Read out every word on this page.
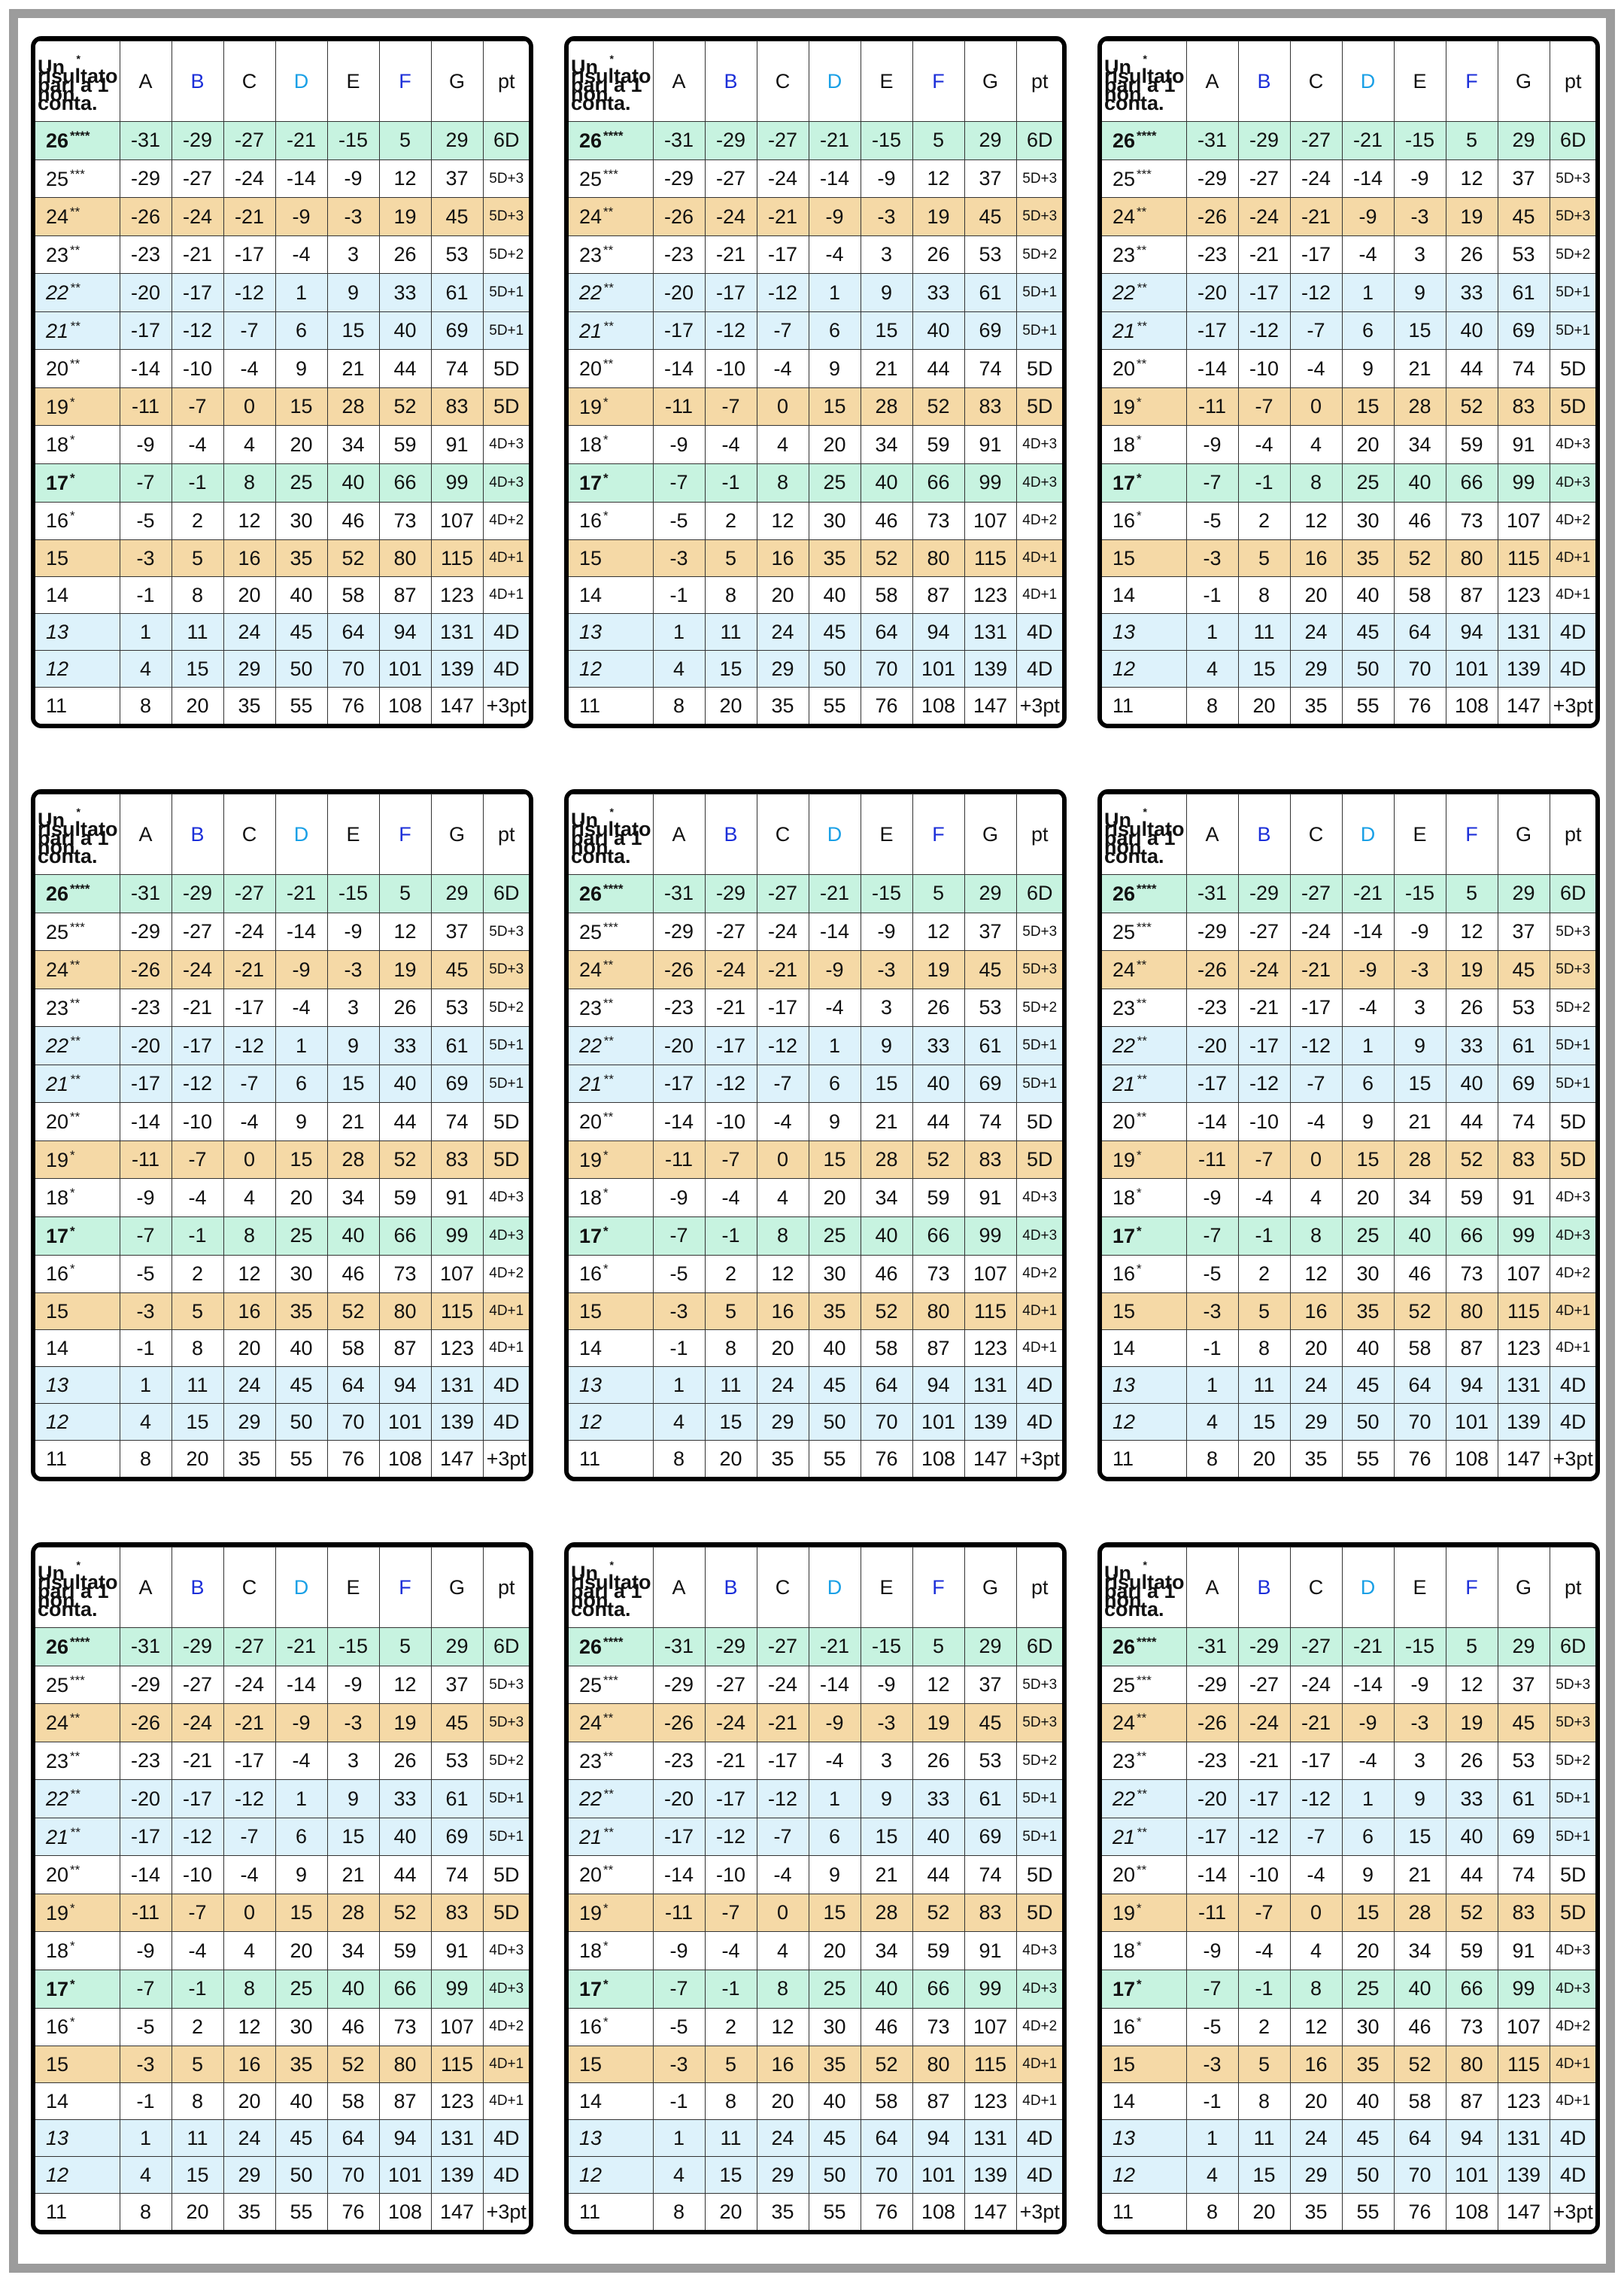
*
Un risultato pari a 1 non conta.	A	B	C	D	E	F	G	pt
26 ****	-31	-29	-27	-21	-15	5	29	6D
25 ***	-29	-27	-24	-14	-9	12	37	5D+3
24 **	-26	-24	-21	-9	-3	19	45	5D+3
23 **	-23	-21	-17	-4	3	26	53	5D+2
22 **	-20	-17	-12	1	9	33	61	5D+1
21 **	-17	-12	-7	6	15	40	69	5D+1
20 **	-14	-10	-4	9	21	44	74	5D
19 *	-11	-7	0	15	28	52	83	5D
18 *	-9	-4	4	20	34	59	91	4D+3
17 *	-7	-1	8	25	40	66	99	4D+3
16 *	-5	2	12	30	46	73	107	4D+2
15	-3	5	16	35	52	80	115	4D+1
14	-1	8	20	40	58	87	123	4D+1
13	1	11	24	45	64	94	131	4D
12	4	15	29	50	70	101	139	4D
11	8	20	35	55	76	108	147	+3pt
*
Un risultato pari a 1 non conta.	A	B	C	D	E	F	G	pt
26 ****	-31	-29	-27	-21	-15	5	29	6D
25 ***	-29	-27	-24	-14	-9	12	37	5D+3
24 **	-26	-24	-21	-9	-3	19	45	5D+3
23 **	-23	-21	-17	-4	3	26	53	5D+2
22 **	-20	-17	-12	1	9	33	61	5D+1
21 **	-17	-12	-7	6	15	40	69	5D+1
20 **	-14	-10	-4	9	21	44	74	5D
19 *	-11	-7	0	15	28	52	83	5D
18 *	-9	-4	4	20	34	59	91	4D+3
17 *	-7	-1	8	25	40	66	99	4D+3
16 *	-5	2	12	30	46	73	107	4D+2
15	-3	5	16	35	52	80	115	4D+1
14	-1	8	20	40	58	87	123	4D+1
13	1	11	24	45	64	94	131	4D
12	4	15	29	50	70	101	139	4D
11	8	20	35	55	76	108	147	+3pt
*
Un risultato pari a 1 non conta.	A	B	C	D	E	F	G	pt
26 ****	-31	-29	-27	-21	-15	5	29	6D
25 ***	-29	-27	-24	-14	-9	12	37	5D+3
24 **	-26	-24	-21	-9	-3	19	45	5D+3
23 **	-23	-21	-17	-4	3	26	53	5D+2
22 **	-20	-17	-12	1	9	33	61	5D+1
21 **	-17	-12	-7	6	15	40	69	5D+1
20 **	-14	-10	-4	9	21	44	74	5D
19 *	-11	-7	0	15	28	52	83	5D
18 *	-9	-4	4	20	34	59	91	4D+3
17 *	-7	-1	8	25	40	66	99	4D+3
16 *	-5	2	12	30	46	73	107	4D+2
15	-3	5	16	35	52	80	115	4D+1
14	-1	8	20	40	58	87	123	4D+1
13	1	11	24	45	64	94	131	4D
12	4	15	29	50	70	101	139	4D
11	8	20	35	55	76	108	147	+3pt
*
Un risultato pari a 1 non conta.	A	B	C	D	E	F	G	pt
26 ****	-31	-29	-27	-21	-15	5	29	6D
25 ***	-29	-27	-24	-14	-9	12	37	5D+3
24 **	-26	-24	-21	-9	-3	19	45	5D+3
23 **	-23	-21	-17	-4	3	26	53	5D+2
22 **	-20	-17	-12	1	9	33	61	5D+1
21 **	-17	-12	-7	6	15	40	69	5D+1
20 **	-14	-10	-4	9	21	44	74	5D
19 *	-11	-7	0	15	28	52	83	5D
18 *	-9	-4	4	20	34	59	91	4D+3
17 *	-7	-1	8	25	40	66	99	4D+3
16 *	-5	2	12	30	46	73	107	4D+2
15	-3	5	16	35	52	80	115	4D+1
14	-1	8	20	40	58	87	123	4D+1
13	1	11	24	45	64	94	131	4D
12	4	15	29	50	70	101	139	4D
11	8	20	35	55	76	108	147	+3pt
*
Un risultato pari a 1 non conta.	A	B	C	D	E	F	G	pt
26 ****	-31	-29	-27	-21	-15	5	29	6D
25 ***	-29	-27	-24	-14	-9	12	37	5D+3
24 **	-26	-24	-21	-9	-3	19	45	5D+3
23 **	-23	-21	-17	-4	3	26	53	5D+2
22 **	-20	-17	-12	1	9	33	61	5D+1
21 **	-17	-12	-7	6	15	40	69	5D+1
20 **	-14	-10	-4	9	21	44	74	5D
19 *	-11	-7	0	15	28	52	83	5D
18 *	-9	-4	4	20	34	59	91	4D+3
17 *	-7	-1	8	25	40	66	99	4D+3
16 *	-5	2	12	30	46	73	107	4D+2
15	-3	5	16	35	52	80	115	4D+1
14	-1	8	20	40	58	87	123	4D+1
13	1	11	24	45	64	94	131	4D
12	4	15	29	50	70	101	139	4D
11	8	20	35	55	76	108	147	+3pt
*
Un risultato pari a 1 non conta.	A	B	C	D	E	F	G	pt
26 ****	-31	-29	-27	-21	-15	5	29	6D
25 ***	-29	-27	-24	-14	-9	12	37	5D+3
24 **	-26	-24	-21	-9	-3	19	45	5D+3
23 **	-23	-21	-17	-4	3	26	53	5D+2
22 **	-20	-17	-12	1	9	33	61	5D+1
21 **	-17	-12	-7	6	15	40	69	5D+1
20 **	-14	-10	-4	9	21	44	74	5D
19 *	-11	-7	0	15	28	52	83	5D
18 *	-9	-4	4	20	34	59	91	4D+3
17 *	-7	-1	8	25	40	66	99	4D+3
16 *	-5	2	12	30	46	73	107	4D+2
15	-3	5	16	35	52	80	115	4D+1
14	-1	8	20	40	58	87	123	4D+1
13	1	11	24	45	64	94	131	4D
12	4	15	29	50	70	101	139	4D
11	8	20	35	55	76	108	147	+3pt
*
Un risultato pari a 1 non conta.	A	B	C	D	E	F	G	pt
26 ****	-31	-29	-27	-21	-15	5	29	6D
25 ***	-29	-27	-24	-14	-9	12	37	5D+3
24 **	-26	-24	-21	-9	-3	19	45	5D+3
23 **	-23	-21	-17	-4	3	26	53	5D+2
22 **	-20	-17	-12	1	9	33	61	5D+1
21 **	-17	-12	-7	6	15	40	69	5D+1
20 **	-14	-10	-4	9	21	44	74	5D
19 *	-11	-7	0	15	28	52	83	5D
18 *	-9	-4	4	20	34	59	91	4D+3
17 *	-7	-1	8	25	40	66	99	4D+3
16 *	-5	2	12	30	46	73	107	4D+2
15	-3	5	16	35	52	80	115	4D+1
14	-1	8	20	40	58	87	123	4D+1
13	1	11	24	45	64	94	131	4D
12	4	15	29	50	70	101	139	4D
11	8	20	35	55	76	108	147	+3pt
*
Un risultato pari a 1 non conta.	A	B	C	D	E	F	G	pt
26 ****	-31	-29	-27	-21	-15	5	29	6D
25 ***	-29	-27	-24	-14	-9	12	37	5D+3
24 **	-26	-24	-21	-9	-3	19	45	5D+3
23 **	-23	-21	-17	-4	3	26	53	5D+2
22 **	-20	-17	-12	1	9	33	61	5D+1
21 **	-17	-12	-7	6	15	40	69	5D+1
20 **	-14	-10	-4	9	21	44	74	5D
19 *	-11	-7	0	15	28	52	83	5D
18 *	-9	-4	4	20	34	59	91	4D+3
17 *	-7	-1	8	25	40	66	99	4D+3
16 *	-5	2	12	30	46	73	107	4D+2
15	-3	5	16	35	52	80	115	4D+1
14	-1	8	20	40	58	87	123	4D+1
13	1	11	24	45	64	94	131	4D
12	4	15	29	50	70	101	139	4D
11	8	20	35	55	76	108	147	+3pt
*
Un risultato pari a 1 non conta.	A	B	C	D	E	F	G	pt
26 ****	-31	-29	-27	-21	-15	5	29	6D
25 ***	-29	-27	-24	-14	-9	12	37	5D+3
24 **	-26	-24	-21	-9	-3	19	45	5D+3
23 **	-23	-21	-17	-4	3	26	53	5D+2
22 **	-20	-17	-12	1	9	33	61	5D+1
21 **	-17	-12	-7	6	15	40	69	5D+1
20 **	-14	-10	-4	9	21	44	74	5D
19 *	-11	-7	0	15	28	52	83	5D
18 *	-9	-4	4	20	34	59	91	4D+3
17 *	-7	-1	8	25	40	66	99	4D+3
16 *	-5	2	12	30	46	73	107	4D+2
15	-3	5	16	35	52	80	115	4D+1
14	-1	8	20	40	58	87	123	4D+1
13	1	11	24	45	64	94	131	4D
12	4	15	29	50	70	101	139	4D
11	8	20	35	55	76	108	147	+3pt
